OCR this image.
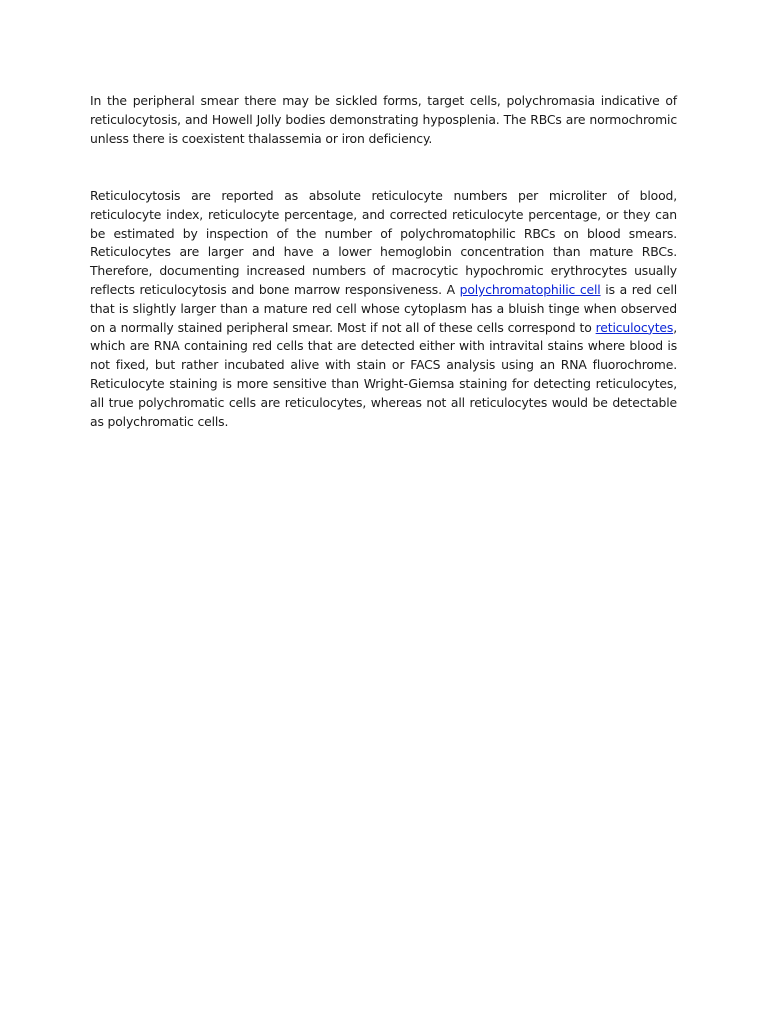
In the peripheral smear there may be sickled forms, target cells, polychromasia indicative of reticulocytosis, and Howell Jolly bodies demonstrating hyposplenia. The RBCs are normochromic unless there is coexistent thalassemia or iron deficiency.

Reticulocytosis are reported as absolute reticulocyte numbers per microliter of blood, reticulocyte index, reticulocyte percentage, and corrected reticulocyte percentage, or they can be estimated by inspection of the number of polychromatophilic RBCs on blood smears. Reticulocytes are larger and have a lower hemoglobin concentration than mature RBCs. Therefore, documenting increased numbers of macrocytic hypochromic erythrocytes usually reflects reticulocytosis and bone marrow responsiveness. A polychromatophilic cell is a red cell that is slightly larger than a mature red cell whose cytoplasm has a bluish tinge when observed on a normally stained peripheral smear. Most if not all of these cells correspond to reticulocytes, which are RNA containing red cells that are detected either with intravital stains where blood is not fixed, but rather incubated alive with stain or FACS analysis using an RNA fluorochrome. Reticulocyte staining is more sensitive than Wright-Giemsa staining for detecting reticulocytes, all true polychromatic cells are reticulocytes, whereas not all reticulocytes would be detectable as polychromatic cells.
